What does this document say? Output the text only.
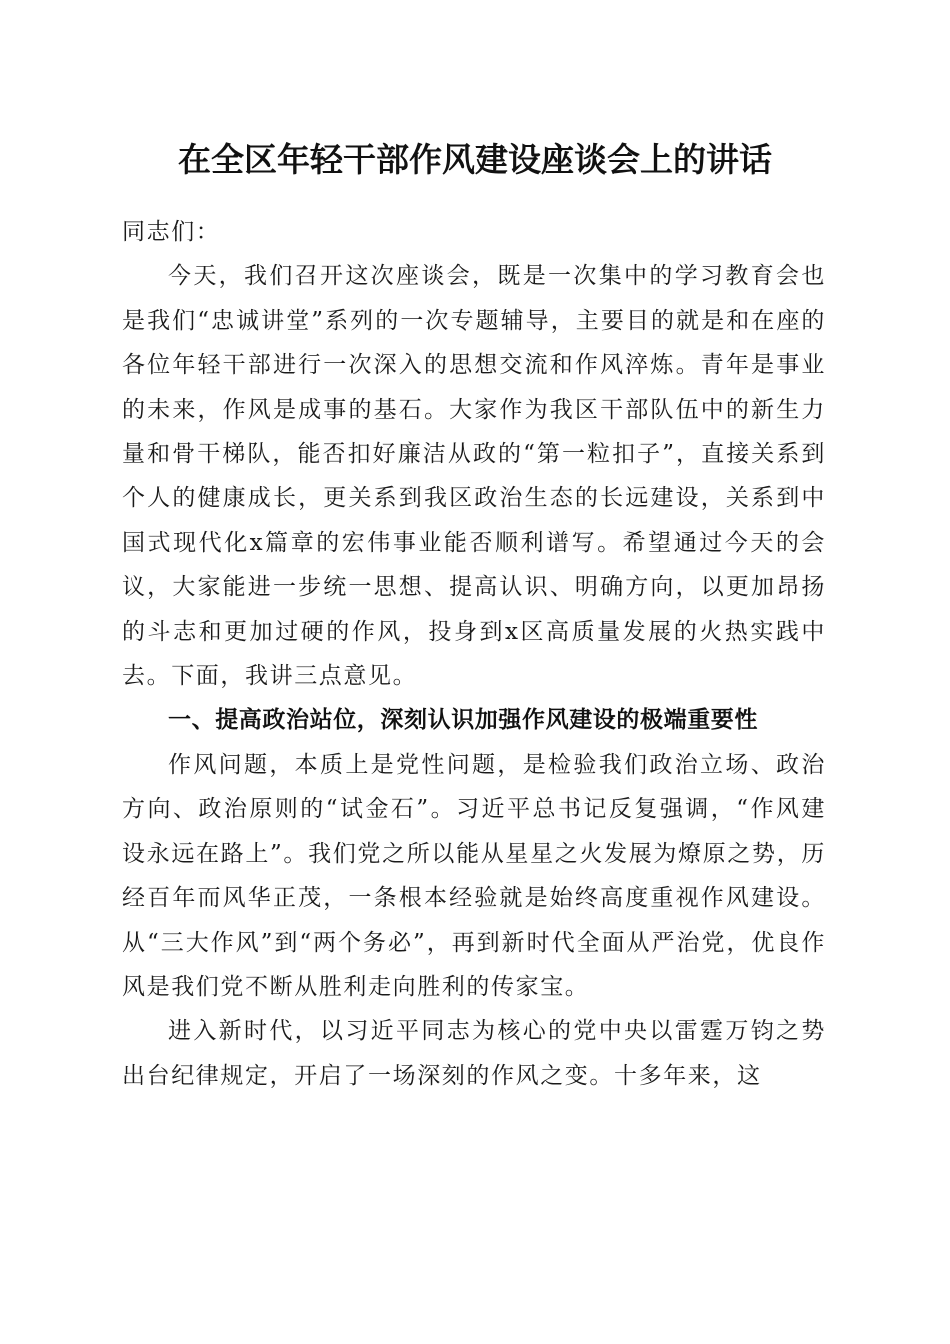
在全区年轻干部作风建设座谈会上的讲话

同志们：

今天，我们召开这次座谈会，既是一次集中的学习教育会也是我们“忠诚讲堂”系列的一次专题辅导，主要目的就是和在座的各位年轻干部进行一次深入的思想交流和作风淬炼。青年是事业的未来，作风是成事的基石。大家作为我区干部队伍中的新生力量和骨干梯队，能否扣好廉洁从政的“第一粒扣子”，直接关系到个人的健康成长，更关系到我区政治生态的长远建设，关系到中国式现代化x篇章的宏伟事业能否顺利谱写。希望通过今天的会议，大家能进一步统一思想、提高认识、明确方向，以更加昂扬的斗志和更加过硬的作风，投身到x区高质量发展的火热实践中去。下面，我讲三点意见。

一、提高政治站位，深刻认识加强作风建设的极端重要性

作风问题，本质上是党性问题，是检验我们政治立场、政治方向、政治原则的“试金石”。习近平总书记反复强调，“作风建设永远在路上”。我们党之所以能从星星之火发展为燎原之势，历经百年而风华正茂，一条根本经验就是始终高度重视作风建设。从“三大作风”到“两个务必”，再到新时代全面从严治党，优良作风是我们党不断从胜利走向胜利的传家宝。

进入新时代，以习近平同志为核心的党中央以雷霆万钧之势出台纪律规定，开启了一场深刻的作风之变。十多年来，这
